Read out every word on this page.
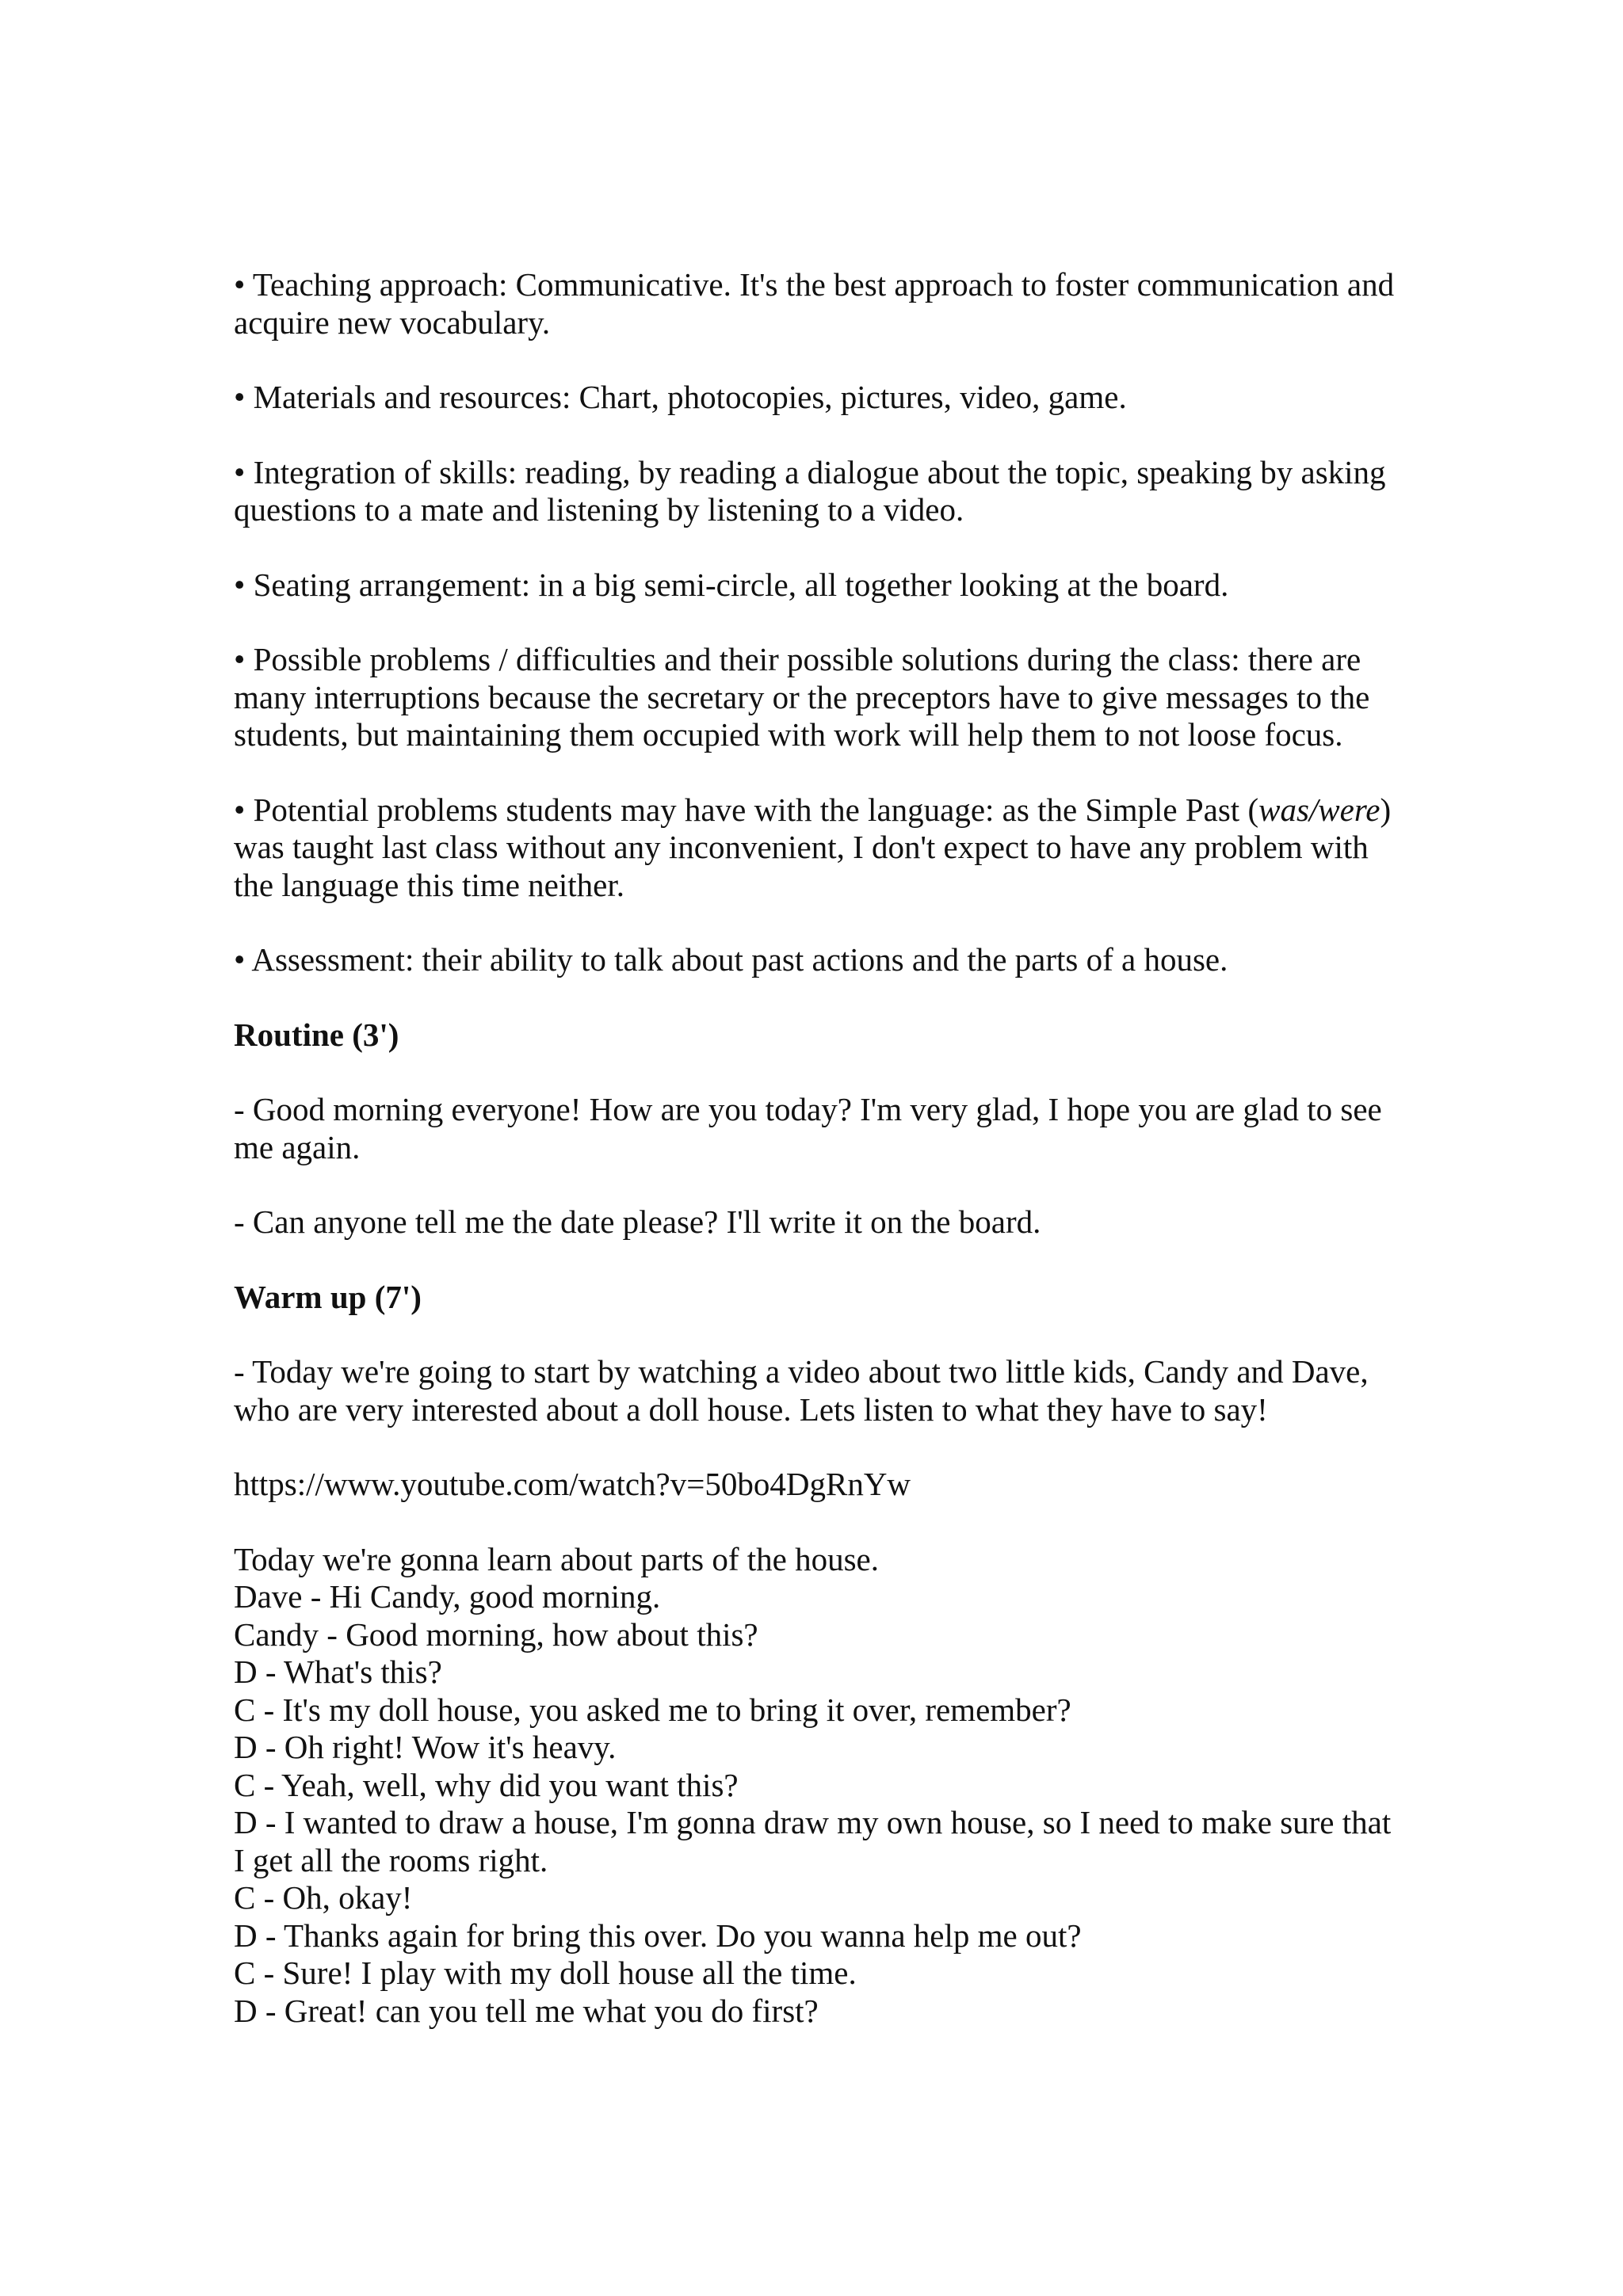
• Teaching approach: Communicative. It's the best approach to foster communication and acquire new vocabulary.

• Materials and resources: Chart, photocopies, pictures, video, game.

• Integration of skills: reading, by reading a dialogue about the topic, speaking by asking questions to a mate and listening by listening to a video.

• Seating arrangement: in a big semi-circle, all together looking at the board.

• Possible problems / difficulties and their possible solutions during the class: there are many interruptions because the secretary or the preceptors have to give messages to the students, but maintaining them occupied with work will help them to not loose focus.

• Potential problems students may have with the language: as the Simple Past (was/were) was taught last class without any inconvenient, I don't expect to have any problem with the language this time neither.

• Assessment: their ability to talk about past actions and the parts of a house.

Routine (3')

- Good morning everyone! How are you today? I'm very glad, I hope you are glad to see me again.

- Can anyone tell me the date please? I'll write it on the board.

Warm up (7')

- Today we're going to start by watching a video about two little kids, Candy and Dave, who are very interested about a doll house. Lets listen to what they have to say!

https://www.youtube.com/watch?v=50bo4DgRnYw

Today we're gonna learn about parts of the house.
Dave - Hi Candy, good morning.
Candy - Good morning, how about this?
D - What's this?
C - It's my doll house, you asked me to bring it over, remember?
D - Oh right! Wow it's heavy.
C - Yeah, well, why did you want this?
D - I wanted to draw a house, I'm gonna draw my own house, so I need to make sure that I get all the rooms right.
C - Oh, okay!
D - Thanks again for bring this over. Do you wanna help me out?
C - Sure! I play with my doll house all the time.
D - Great! can you tell me what you do first?
